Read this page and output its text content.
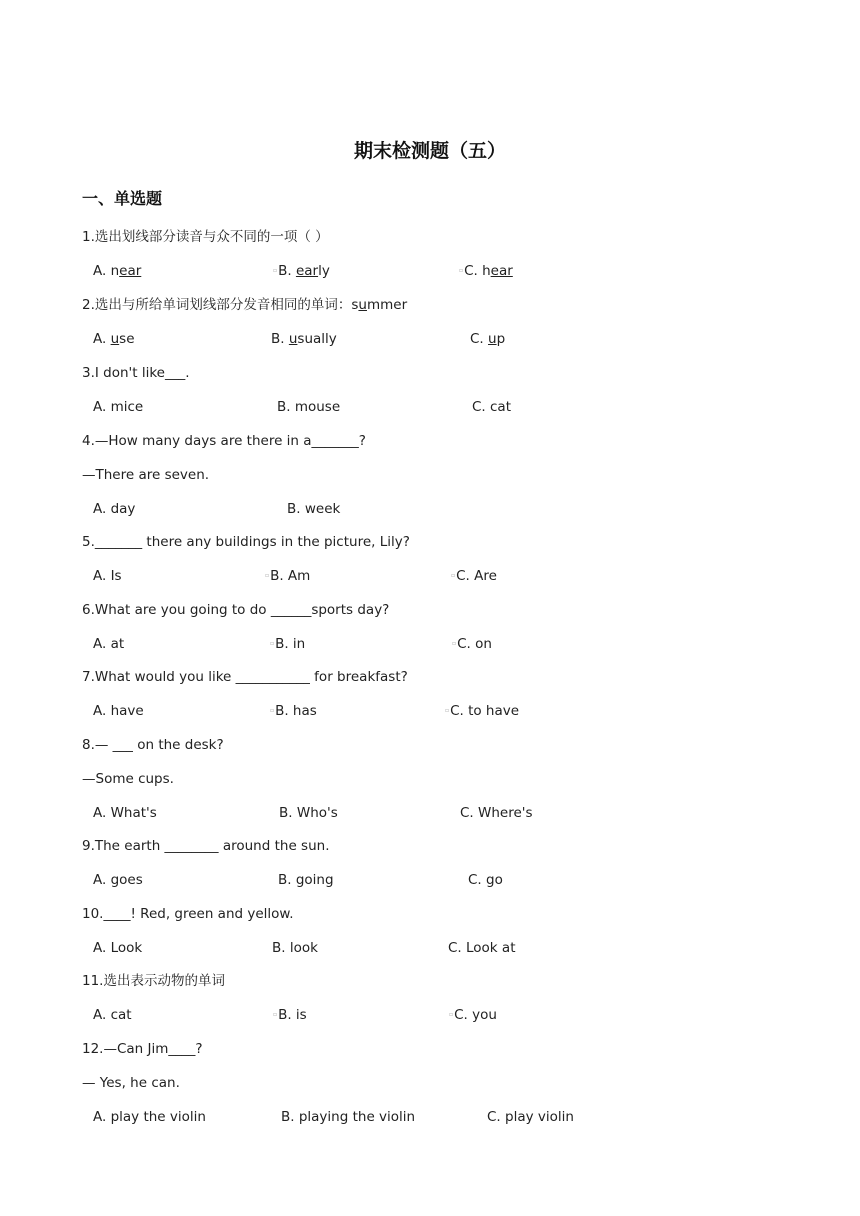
期末检测题（五）
一、单选题
1.选出划线部分读音与众不同的一项（ ）
A. near	▫B. early	▫C. hear
2.选出与所给单词划线部分发音相同的单词：summer
A. use	B. usually	C. up
3.I don't like___.
A. mice	B. mouse	C. cat
4.—How many days are there in a_______?
—There are seven.
A. day	B. week
5._______ there any buildings in the picture, Lily?
A. Is	▫B. Am	▫C. Are
6.What are you going to do ______sports day?
A. at	▫B. in	▫C. on
7.What would you like ___________ for breakfast?
A. have	▫B. has	▫C. to have
8.— ___ on the desk?
—Some cups.
A. What's	B. Who's	C. Where's
9.The earth ________ around the sun.
A. goes	B. going	C. go
10.____! Red, green and yellow.
A. Look	B. look	C. Look at
11.选出表示动物的单词
A. cat	▫B. is	▫C. you
12.—Can Jim____?
— Yes, he can.
A. play the violin	B. playing the violin	C. play violin
